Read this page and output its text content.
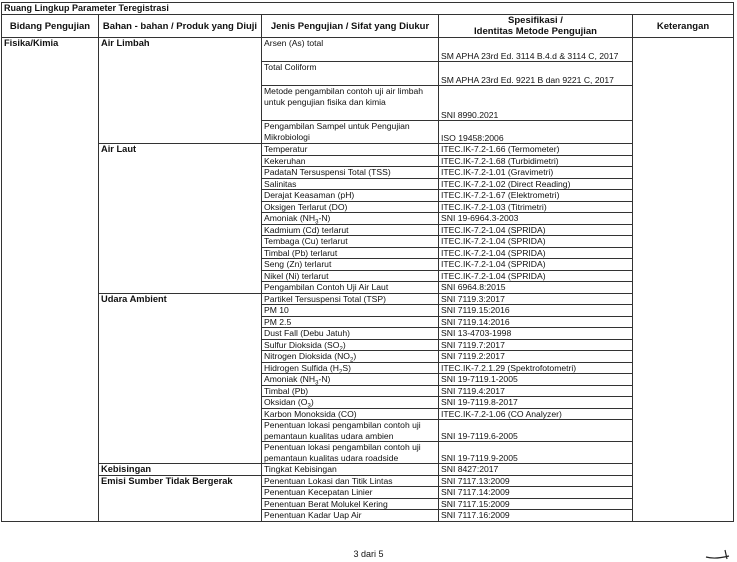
Ruang Lingkup Parameter Teregistrasi				
Bidang Pengujian	Bahan - bahan / Produk yang Diuji	Jenis Pengujian / Sifat yang Diukur	Spesifikasi /
Identitas Metode Pengujian	Keterangan
Fisika/Kimia	Air Limbah	Arsen (As) total	SM APHA 23rd Ed. 3114 B.4.d & 3114 C, 2017	
		Total Coliform	SM APHA 23rd Ed. 9221 B dan 9221 C, 2017	
		Metode pengambilan contoh uji air limbah untuk pengujian fisika dan kimia	SNI 8990.2021	
		Pengambilan Sampel untuk Pengujian Mikrobiologi	ISO 19458:2006	
	Air Laut	Temperatur	ITEC.IK-7.2-1.66 (Termometer)	
		Kekeruhan	ITEC.IK-7.2-1.68 (Turbidimetri)	
		PadataN Tersuspensi Total (TSS)	ITEC.IK-7.2-1.01 (Gravimetri)	
		Salinitas	ITEC.IK-7.2-1.02 (Direct Reading)	
		Derajat Keasaman (pH)	ITEC.IK-7.2-1.67 (Elektrometri)	
		Oksigen Terlarut (DO)	ITEC.IK-7.2-1.03 (Titrimetri)	
		Amoniak $(NH_3-N)$	SNI 19-6964.3-2003	
		Kadmium (Cd) terlarut	ITEC.IK-7.2-1.04 (SPRIDA)	
		Tembaga (Cu) terlarut	ITEC.IK-7.2-1.04 (SPRIDA)	
		Timbal (Pb) terlarut	ITEC.IK-7.2-1.04 (SPRIDA)	
		Seng (Zn) terlarut	ITEC.IK-7.2-1.04 (SPRIDA)	
		Nikel (Ni) terlarut	ITEC.IK-7.2-1.04 (SPRIDA)	
		Pengambilan Contoh Uji Air Laut	SNI 6964.8:2015	
	Udara Ambient	Partikel Tersuspensi Total (TSP)	SNI 7119.3:2017	
		PM 10	SNI 7119.15:2016	
		PM 2.5	SNI 7119.14:2016	
		Dust Fall (Debu Jatuh)	SNI 13-4703-1998	
		Sulfur Dioksida $(SO_2)$	SNI 7119.7:2017	
		Nitrogen Dioksida $(NO_2)$	SNI 7119.2:2017	
		Hidrogen Sulfida $(H_2S)$	ITEC.IK-7.2.1.29 (Spektrofotometri)	
		Amoniak $(NH_3-N)$	SNI 19-7119.1-2005	
		Timbal (Pb)	SNI 7119.4:2017	
		Oksidan $(O_3)$	SNI 19-7119.8-2017	
		Karbon Monoksida (CO)	ITEC.IK-7.2-1.06 (CO Analyzer)	
		Penentuan lokasi pengambilan contoh uji pemantaun kualitas udara ambien	SNI 19-7119.6-2005	
		Penentuan lokasi pengambilan contoh uji pemantaun kualitas udara roadside	SNI 19-7119.9-2005	
	Kebisingan	Tingkat Kebisingan	SNI 8427:2017	
	Emisi Sumber Tidak Bergerak	Penentuan Lokasi dan Titik Lintas	SNI 7117.13:2009	
		Penentuan Kecepatan Linier	SNI 7117.14:2009	
		Penentuan Berat Molukel Kering	SNI 7117.15:2009	
		Penentuan Kadar Uap Air	SNI 7117.16:2009	
3 dari 5
